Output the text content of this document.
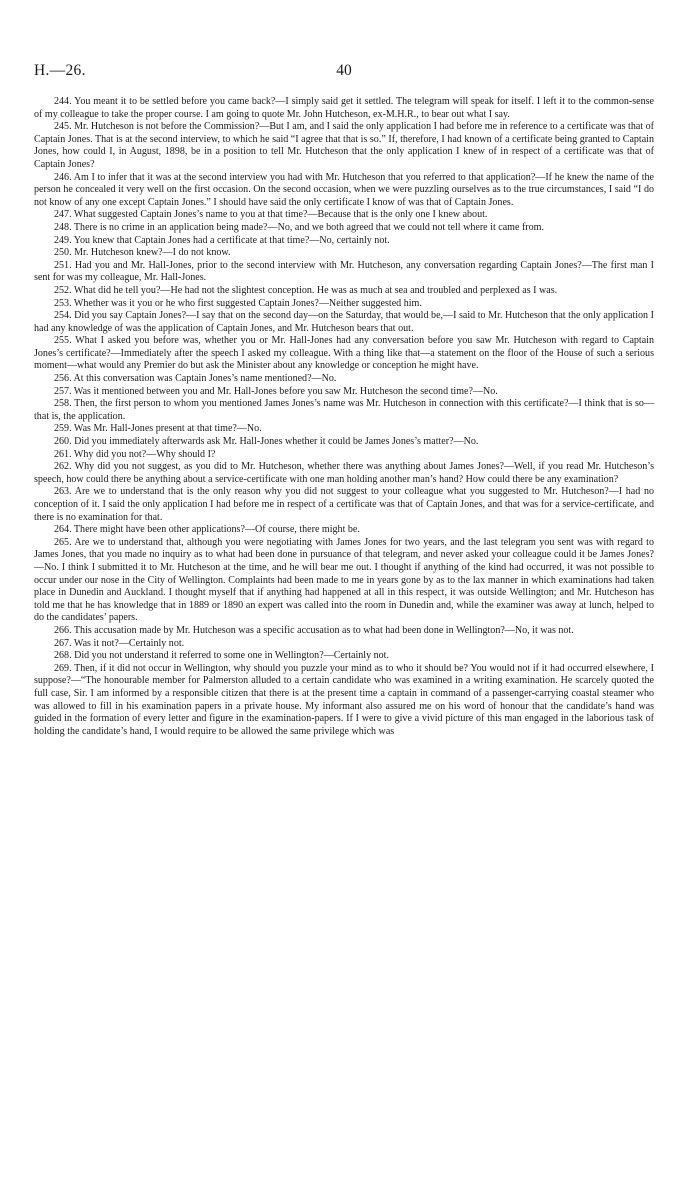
H.—26.	40

244. You meant it to be settled before you came back?—I simply said get it settled. The telegram will speak for itself. I left it to the common-sense of my colleague to take the proper course. I am going to quote Mr. John Hutcheson, ex-M.H.R., to bear out what I say.

245. Mr. Hutcheson is not before the Commission?—But I am, and I said the only application I had before me in reference to a certificate was that of Captain Jones. That is at the second interview, to which he said “I agree that that is so.” If, therefore, I had known of a certificate being granted to Captain Jones, how could I, in August, 1898, be in a position to tell Mr. Hutcheson that the only application I knew of in respect of a certificate was that of Captain Jones?

246. Am I to infer that it was at the second interview you had with Mr. Hutcheson that you referred to that application?—If he knew the name of the person he concealed it very well on the first occasion. On the second occasion, when we were puzzling ourselves as to the true circumstances, I said “I do not know of any one except Captain Jones.” I should have said the only certificate I know of was that of Captain Jones.

247. What suggested Captain Jones’s name to you at that time?—Because that is the only one I knew about.

248. There is no crime in an application being made?—No, and we both agreed that we could not tell where it came from.

249. You knew that Captain Jones had a certificate at that time?—No, certainly not.

250. Mr. Hutcheson knew?—I do not know.

251. Had you and Mr. Hall-Jones, prior to the second interview with Mr. Hutcheson, any conversation regarding Captain Jones?—The first man I sent for was my colleague, Mr. Hall-Jones.

252. What did he tell you?—He had not the slightest conception. He was as much at sea and troubled and perplexed as I was.

253. Whether was it you or he who first suggested Captain Jones?—Neither suggested him.

254. Did you say Captain Jones?—I say that on the second day—on the Saturday, that would be,—I said to Mr. Hutcheson that the only application I had any knowledge of was the application of Captain Jones, and Mr. Hutcheson bears that out.

255. What I asked you before was, whether you or Mr. Hall-Jones had any conversation before you saw Mr. Hutcheson with regard to Captain Jones’s certificate?—Immediately after the speech I asked my colleague. With a thing like that—a statement on the floor of the House of such a serious moment—what would any Premier do but ask the Minister about any knowledge or conception he might have.

256. At this conversation was Captain Jones’s name mentioned?—No.

257. Was it mentioned between you and Mr. Hall-Jones before you saw Mr. Hutcheson the second time?—No.

258. Then, the first person to whom you mentioned James Jones’s name was Mr. Hutcheson in connection with this certificate?—I think that is so—that is, the application.

259. Was Mr. Hall-Jones present at that time?—No.

260. Did you immediately afterwards ask Mr. Hall-Jones whether it could be James Jones’s matter?—No.

261. Why did you not?—Why should I?

262. Why did you not suggest, as you did to Mr. Hutcheson, whether there was anything about James Jones?—Well, if you read Mr. Hutcheson’s speech, how could there be anything about a service-certificate with one man holding another man’s hand? How could there be any examination?

263. Are we to understand that is the only reason why you did not suggest to your colleague what you suggested to Mr. Hutcheson?—I had no conception of it. I said the only application I had before me in respect of a certificate was that of Captain Jones, and that was for a service-certificate, and there is no examination for that.

264. There might have been other applications?—Of course, there might be.

265. Are we to understand that, although you were negotiating with James Jones for two years, and the last telegram you sent was with regard to James Jones, that you made no inquiry as to what had been done in pursuance of that telegram, and never asked your colleague could it be James Jones?—No. I think I submitted it to Mr. Hutcheson at the time, and he will bear me out. I thought if anything of the kind had occurred, it was not possible to occur under our nose in the City of Wellington. Complaints had been made to me in years gone by as to the lax manner in which examinations had taken place in Dunedin and Auckland. I thought myself that if anything had happened at all in this respect, it was outside Wellington; and Mr. Hutcheson has told me that he has knowledge that in 1889 or 1890 an expert was called into the room in Dunedin and, while the examiner was away at lunch, helped to do the candidates’ papers.

266. This accusation made by Mr. Hutcheson was a specific accusation as to what had been done in Wellington?—No, it was not.

267. Was it not?—Certainly not.

268. Did you not understand it referred to some one in Wellington?—Certainly not.

269. Then, if it did not occur in Wellington, why should you puzzle your mind as to who it should be? You would not if it had occurred elsewhere, I suppose?—“The honourable member for Palmerston alluded to a certain candidate who was examined in a writing examination. He scarcely quoted the full case, Sir. I am informed by a responsible citizen that there is at the present time a captain in command of a passenger-carrying coastal steamer who was allowed to fill in his examination papers in a private house. My informant also assured me on his word of honour that the candidate’s hand was guided in the formation of every letter and figure in the examination-papers. If I were to give a vivid picture of this man engaged in the laborious task of holding the candidate’s hand, I would require to be allowed the same privilege which was
